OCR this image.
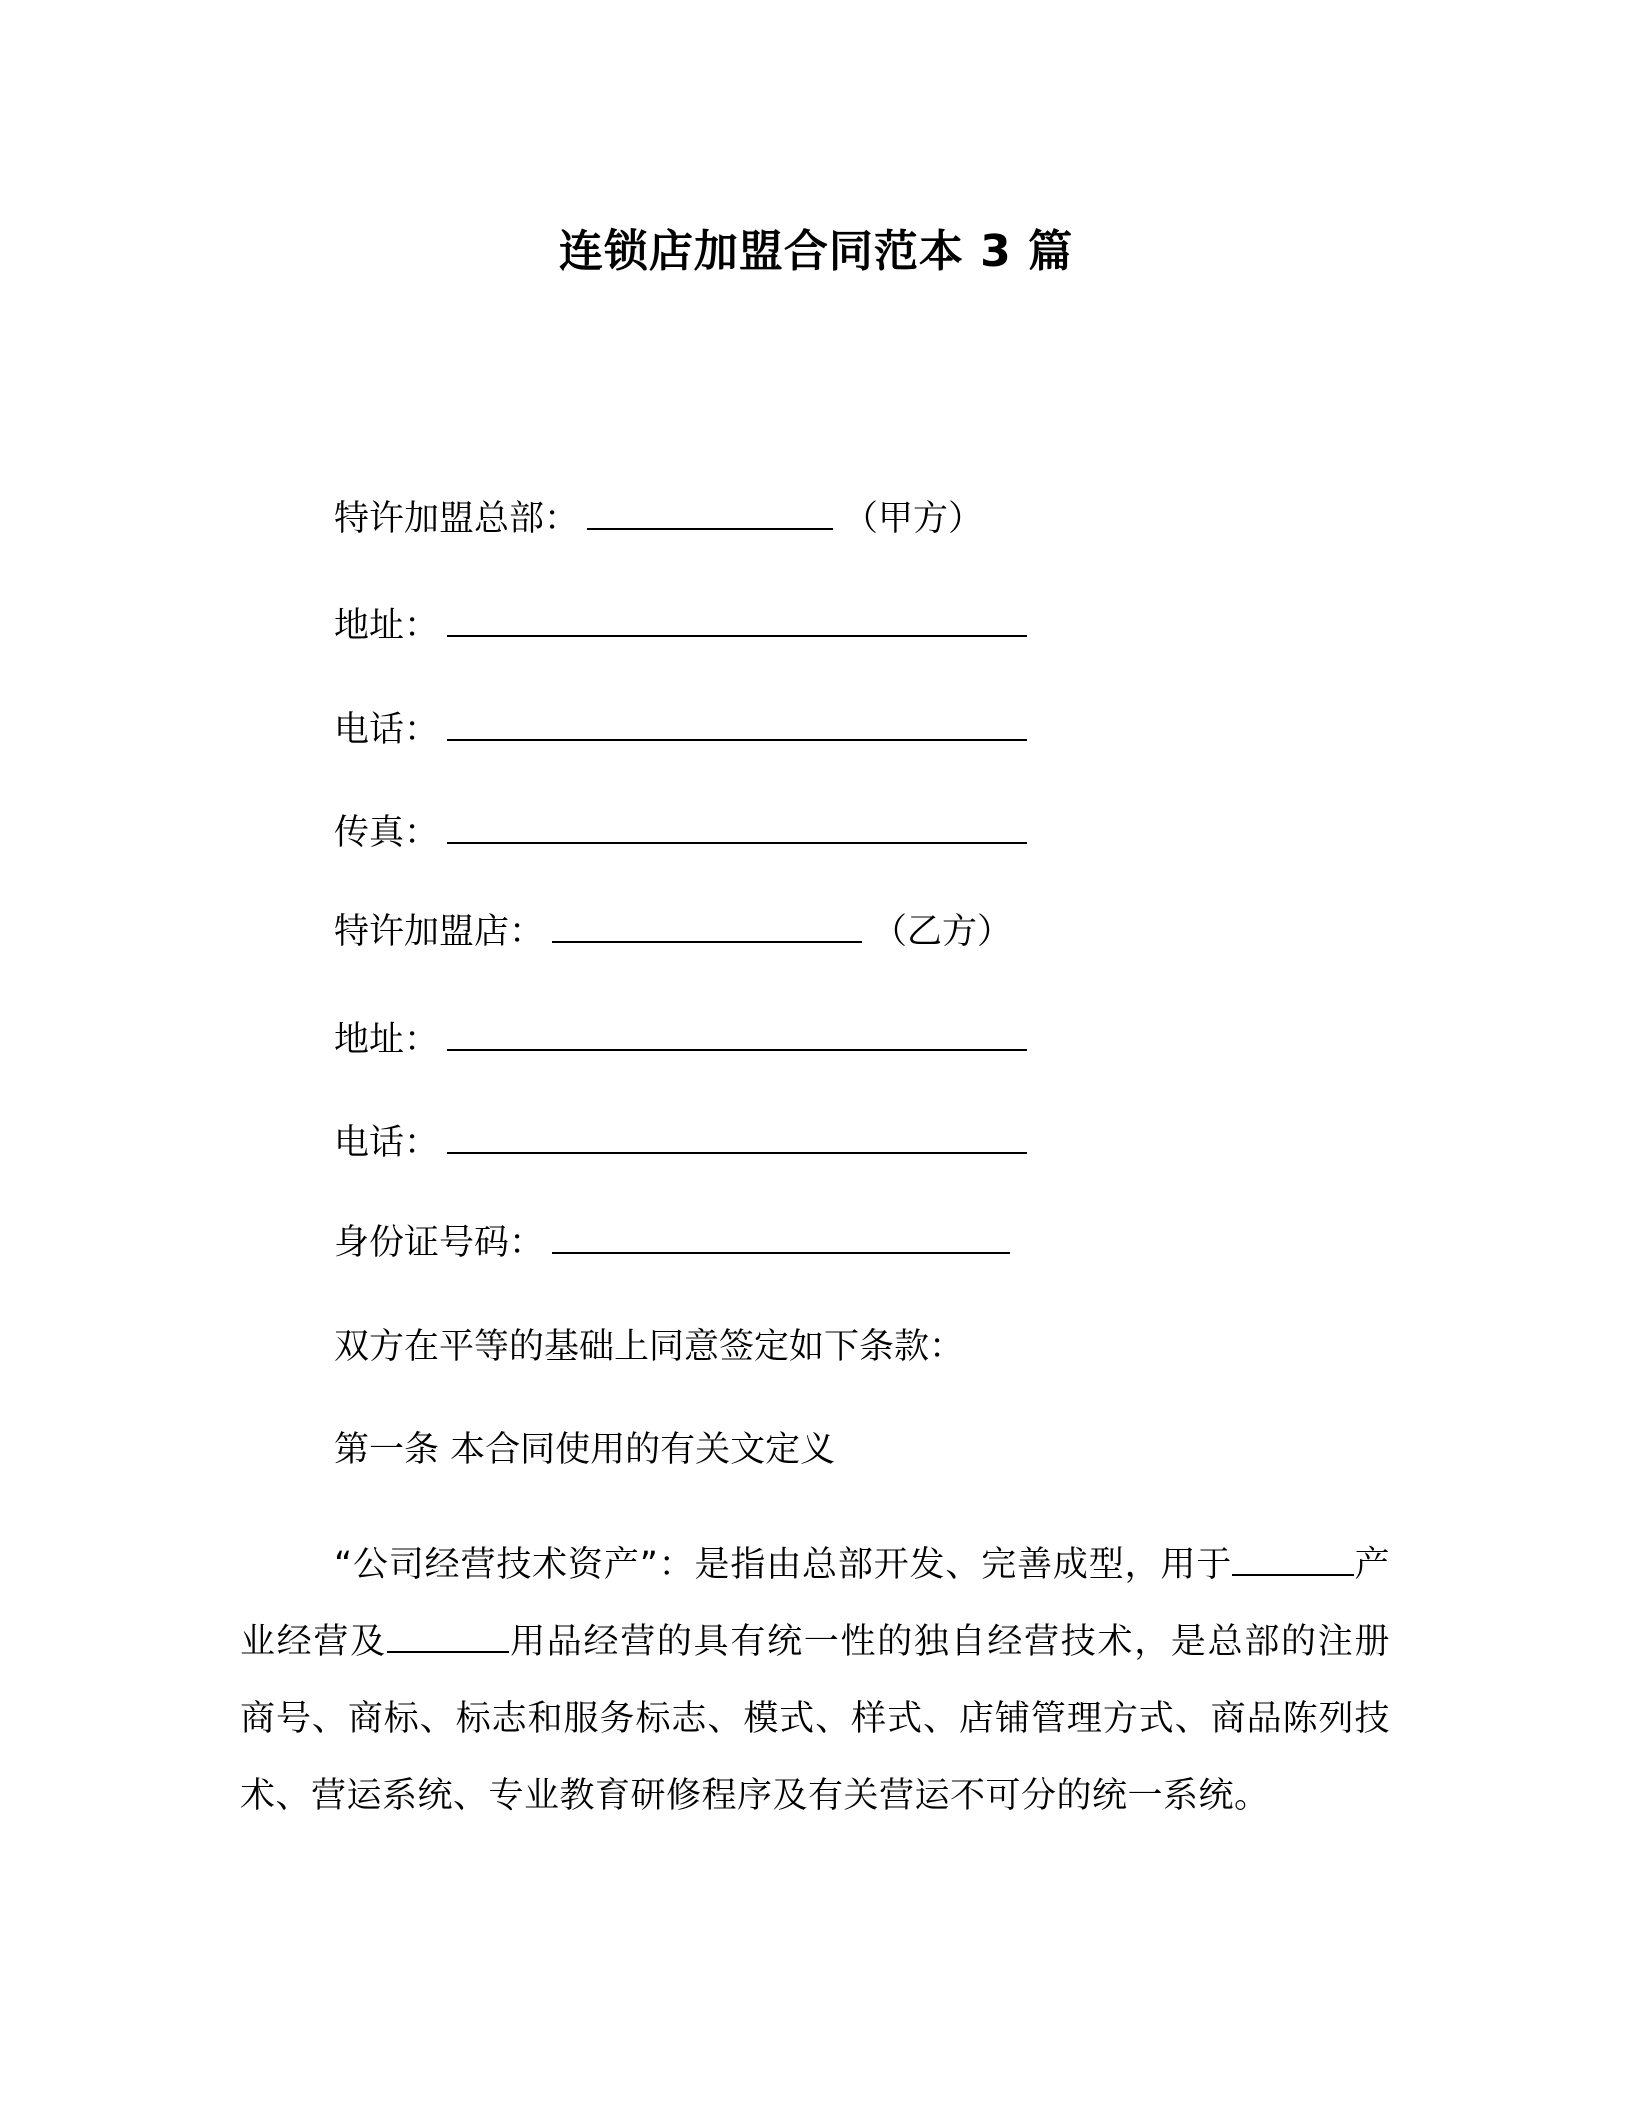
连锁店加盟合同范本 3 篇
特许加盟总部：	（甲方）
地址：
电话：
传真：
特许加盟店：	（乙方）
地址：
电话：
身份证号码：
双方在平等的基础上同意签定如下条款：
第一条 本合同使用的有关文定义
“公司经营技术资产”：是指由总部开发、完善成型，用于	产业经营及	用品经营的具有统一性的独自经营技术，是总部的注册商号、商标、标志和服务标志、模式、样式、店铺管理方式、商品陈列技术、营运系统、专业教育研修程序及有关营运不可分的统一系统。
